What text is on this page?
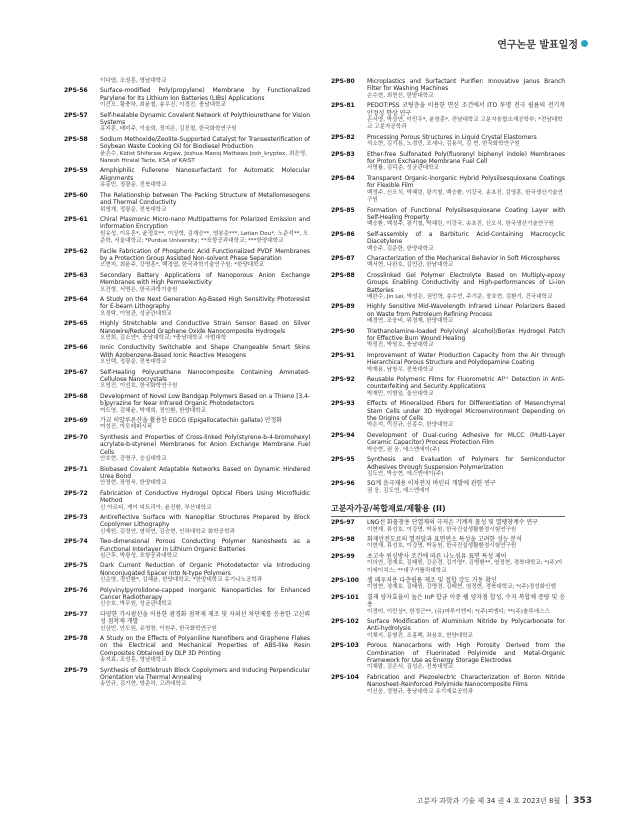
연구논문 발표일정
이다엽, 조성훈, 영남대학교
2PS-56	Surface-modified Poly(propylene) Membrane by Functionalized Parylene for Its Lithium Ion Batteries (LIBs) Applications
이건오, 황충하, 최윤철, 송우진, 이경진, 충남대학교
2PS-57	Self-healable Dynamic Covalent Network of Polythiourethane for Vision Systems
유지훈, 배미주, 이슬희, 정지은, 김진철, 한국화학연구원
2PS-58	Sodium Methoxide/Zeolite-Supported Catalyst for Transesterification of Soybean Waste Cooking Oil for Biodiesel Production
윤은수, Kidist Shiferaw Argaw, Joshua Manoj Mathews Josh_kryptex, 최은영, Naresh Hiralal Tarte, KSA of KAIST
2PS-59	Amphiphilic Fullerene Nanosurfactant for Automatic Molecular Alignments
유동민, 정광운, 전북대학교
2PS-60	The Relationship between The Packing Structure of Metallomesogens and Thermal Conductivity
위영재, 정광운, 전북대학교
2PS-61	Chiral Plasmonic Micro-nano Multipatterns for Polarized Emission and Information Encryption
원유성, 이유혼*, 윤정호**, 이상혁, 김재승**, 염봉준***, Letian Dou*, 노준석**, 오준학, 서울대학교; *Purdue University; **포항공과대학교; ***한양대학교
2PS-62	Facile Fabrication of Phosphoric Acid Functionalized PVDF Membranes by a Protection Group Assisted Non-solvent Phase Separation
오현지, 최윤주, 강명훈*, 백경엽, 한국과학기술연구원; *한양대학교
2PS-63	Secondary Battery Applications of Nanoporous Anion Exchange Membranes with High Permselectivity
오건형, 서명은, 한국과학기술원
2PS-64	A Study on the Next Generation Ag-Based High Sensitivity Photoresist for E-beam Lithography
오정탁, 이영관, 성균관대학교
2PS-65	Highly Stretchable and Conductive Strain Sensor Based on Silver Nanowire/Reduced Graphene Oxide Nanocomposite Hydrogels
오민희, 김소연*, 충남대학교; *충남대학교 사범대학
2PS-66	Ionic Conductivity Switchable and Shape Changeable Smart Skins With Azobenzene-Based Ionic Reactive Mesogens
오인택, 정광운, 전북대학교
2PS-67	Self-Healing Polyurethane Nanocomposite Containing Aminated-Cellulose Nanocrystals
오영건, 이선호, 한국화학연구원
2PS-68	Development of Novel Low Bandgap Polymers Based on a Thieno [3,4-b]pyrazine for Near Infrared Organic Photodetectors
여도영, 김혜윤, 박재희, 정인환, 한양대학교
2PS-69	가교 히알루론산을 활용한 EGCG (Epigallocatechin gallate) 안정화
여성진, 아모레퍼시픽
2PS-70	Synthesis and Properties of Cross-linked Poly(styrene-b-4-bromohexyl acrylate-b-styrene) Membranes for Anion Exchange Membrane Fuel Cells
안호현, 강명구, 숭실대학교
2PS-71	Biobased Covalent Adaptable Networks Based on Dynamic Hindered Urea Bond
안정현, 장영욱, 한양대학교
2PS-72	Fabrication of Conductive Hydrogel Optical Fibers Using Microfluidic Method
신 아르티, 게이 피트리아, 윤진환, 부산대학교
2PS-73	Antireflective Surface with Nanopillar Structures Prepared by Block Copolymer Lithography
신재원, 김정연, 염하연, 김승현, 인하대학교 화학공학과
2PS-74	Two-dimensional Porous Conducting Polymer Nanosheets as a Functional Interlayer in Lithium Organic Batteries
심근후, 박광성, 포항공과대학교
2PS-75	Dark Current Reduction of Organic Photodetector via Introducing Nonconjugated Spacer into N-type Polymers
신순영, 정인환*, 김혜윤, 한양대학교; *한양대학교 유기나노공학과
2PS-76	Polyvinylpyrrolidone-capped Inorganic Nanoparticles for Enhanced Cancer Radiotherapy
신승호, 박무원, 성균관대학교
2PS-77	다양한 가시광선을 이용한 광경화 점착제 제조 및 자외선 차단제를 응용한 고신뢰성 점착제 개발
신상빈, 안도원, 유영창, 이원주, 한국화학연구원
2PS-78	A Study on the Effects of Polyaniline Nanofibers and Graphene Flakes on the Electrical and Mechanical Properties of ABS-like Resin Composites Obtained by DLP 3D Printing
송지효, 조성훈, 영남대학교
2PS-79	Synthesis of Bottlebrush Block Copolymers and Inducing Perpendicular Orientation via Thermal Annealing
송민규, 김기현, 방준하, 고려대학교
2PS-80	Microplastics and Surfactant Purifier: Innovative Janus Branch Filter for Washing Machines
손수현, 최현선, 한밭대학교
2PS-81	PEDOT:PSS 코팅층을 이용한 면신 조건에서 ITO 투명 전극 필름의 전기적 안정성 향상 연구
손서영, 박상연, 이민우*, 윤창훈*, 전남대학교 고분자융합소재공학부; *전남대학교 고분자공학과
2PS-82	Processing Porous Structures in Liquid Crystal Elastomers
석소현, 김기용, 노경민, 조세나, 김용석, 김 현, 한국화학연구원
2PS-83	Ether-free Sulfonated Poly(fluorenyl biphenyl indole) Membranes for Proton Exchange Membrane Fuel Cell
서명률, 김덕준, 성균관대학교
2PS-84	Transparent Organic-inorganic Hybrid Polysilsesquioxane Coatings for Flexible Film
백정주, 신오식, 박혜린, 광기철, 백승환, 이강국, 송초진, 김영훈, 한국생산기술연구원
2PS-85	Formation of Functional Polysilsesquioxane Coating Layer with Self-Healing Property
백승환, 백정주, 광기철, 박혜린, 이강국, 송초진, 신오식, 한국생산기술연구원
2PS-86	Self-assembly of a Barbituric Acid-Containing Macrocyclic Diacetylene
백승주, 김준한, 한양대학교
2PS-87	Characterization of the Mechanical Behavior in Soft Microspheres
백서현, 나완호, 김민관, 한남대학교
2PS-88	Crosslinked Gel Polymer Electrolyte Based on Multiply-epoxy Groups Enabling Conductivity and High-performances of Li-ion Batteries
배완수, Jin Lei, 박성은, 권민혁, 송수빈, 주기준, 장호현, 김환기, 건국대학교
2PS-89	Highly Sensitive Mid-Wavelength Infrared Linear Polarizers Based on Waste from Petroleum Refining Process
배경연, 조웅비, 위정재, 한양대학교
2PS-90	Triethanolamine-loaded Poly(vinyl alcohol)/Borax Hydrogel Patch for Effective Burn Wound Healing
박정진, 박원호, 충남대학교
2PS-91	Improvement of Water Production Capacity from the Air through Hierarchical Porous Structure and Polydopamine Coating
박재용, 남창우, 전북대학교
2PS-92	Reusable Polymeric Films for Fluorometric Al³⁺ Detection in Anti-counterfeiting and Security Applications
박재민, 이형일, 울산대학교
2PS-93	Effects of Mineralized Fibers for Differentiation of Mesenchymal Stem Cells under 3D Hydrogel Microenvironment Depending on the Origins of Cells
박은지, 이진규, 신종수, 한양대학교
2PS-94	Development of Dual-curing Adhesive for MLCC (Multi-Layer Ceramic Capacitor) Process Protection Film
박승현, 권 웅, 에스엔에이(주)
2PS-95	Synthesis and Evaluation of Polymers for Semiconductor Adhesives through Suspension Polymerization
김도연, 박승현, 에스엔에이(주)
2PS-96	5G계 음극재용 이차전지 바인더 개발에 관한 연구
권 웅, 김도연, 에스엔에이
고분자가공/복합재료/재활용 (II)
2PS-97	LNG선 화물창용 단열재의 극저온 기계적 물성 및 열팽창계수 연구
이현재, 류성호, 이강명, 박동원, 한국건설생활환경시험연구원
2PS-98	화재안전도료의 열전달과 표면연소 특성을 고려한 성능 분석
이현재, 류성호, 이강명, 박동원, 한국건설생활환경시험연구원
2PS-99	초고속 원심방사 조건에 따른 나노섬유 표면 특성 제어
이의연, 정재호, 김태원, 강은경, 김기영*, 김병환**, 염정현, 경북대학교; *(주)아이에이치스; **대구가톨릭대학교
2PS-100	셀 페우저용 다층필름 제조 및 접합 강도 거동 확인
이영현, 정재호, 김태원, 강명경, 김태현, 염정현, 경북대학교; *(주)경성화인엠
2PS-101	결재 양자효율이 높은 InP 합금 이중 쉘 양자점 합성, 수지 복합체 증량 및 응용
이경미, 이민상*, 한정근**, (유)마루이엔씨; *(주)피엠디; **(주)솔루에스스
2PS-102	Surface Modification of Aluminium Nitride by Polycarbonate for Anti-hydrolysis
이채지, 문형진, 조홍백, 좌용호, 한양대학교
2PS-103	Porous Nanocarbons with High Porosity Derived from the Combination of Fluorinated Polyimide and Metal-Organic Framework for Use as Energy Storage Electrodes
이채람, 김은서, 김성은, 전북대학교
2PS-104	Fabrication and Piezoelectric Characterization of Boron Nitride Nanosheet-Reinforced Polyimide Nanocomposite Films
이신웅, 정명규, 충남대학교 유기재료공학과
고분자 과학과 기술 제 34 권 4 호 2023년 8월 353
